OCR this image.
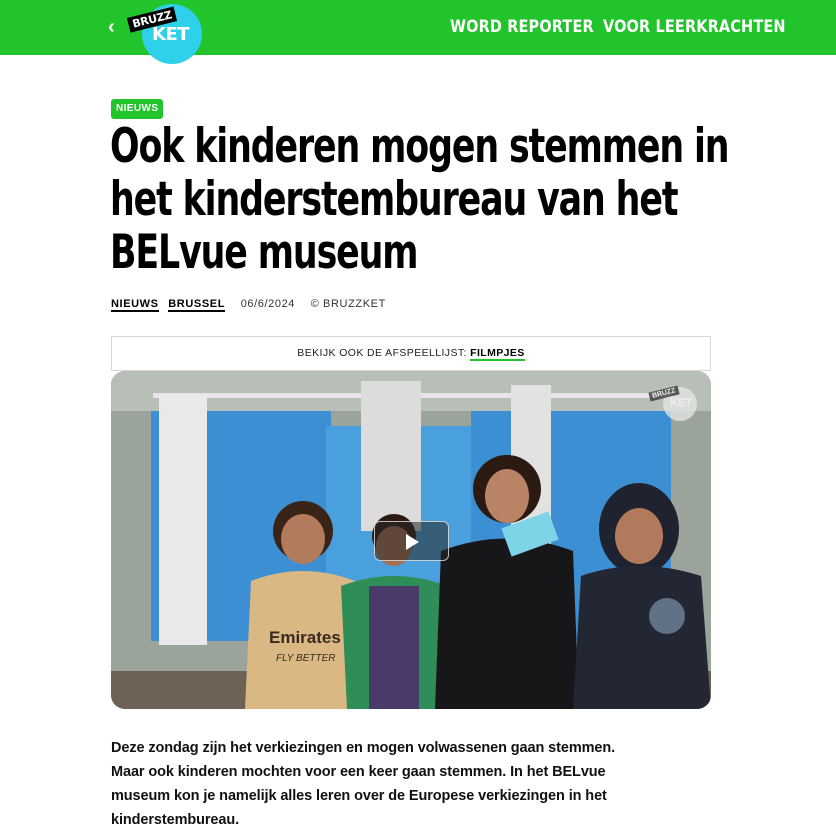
‹	BRUZZ
KET	WORD REPORTER VOOR LEERKRACHTEN
NIEUWS
Ook kinderen mogen stemmen in het kinderstembureau van het BELvue museum
NIEUWS BRUSSEL 06/6/2024 © BRUZZKET
BEKIJK OOK DE AFSPEELLIJST: FILMPJES
Emirates
FLY BETTER
BRUZZ
KET

Deze zondag zijn het verkiezingen en mogen volwassenen gaan stemmen. Maar ook kinderen mochten voor een keer gaan stemmen. In het BELvue museum kon je namelijk alles leren over de Europese verkiezingen in het kinderstembureau.
